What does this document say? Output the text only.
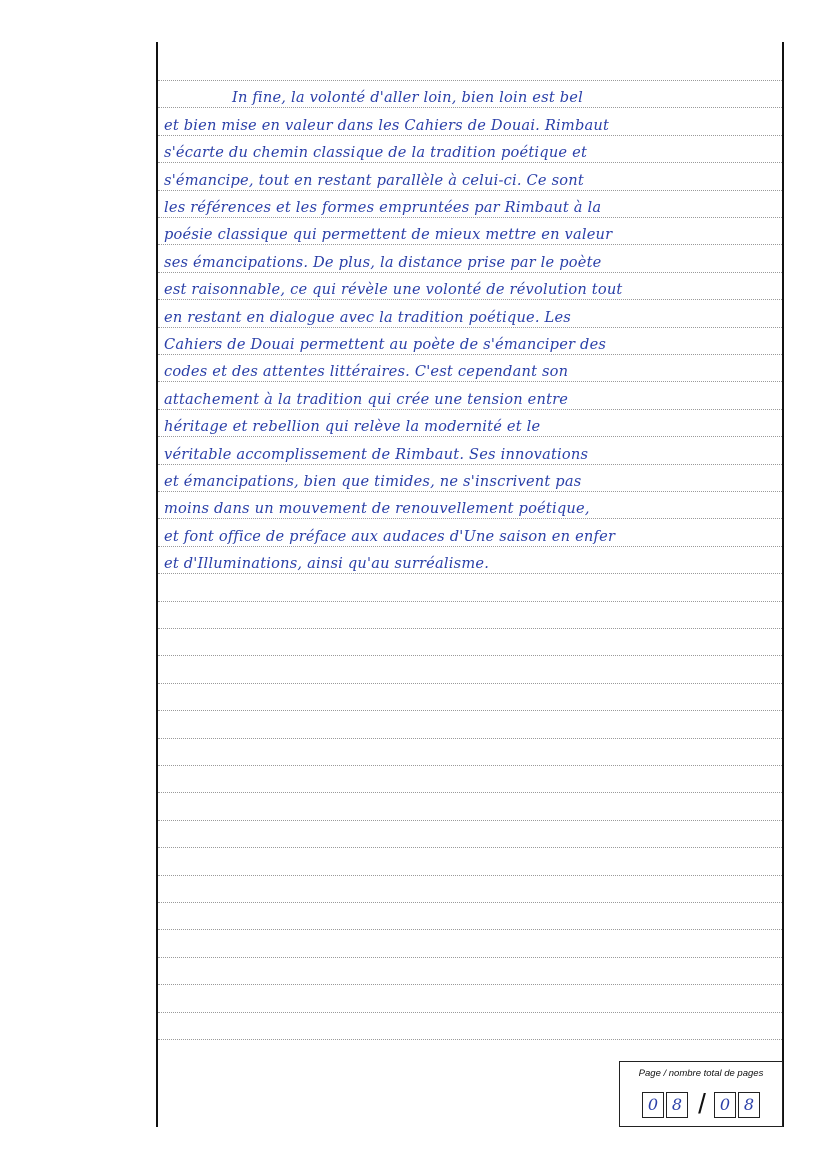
In fine, la volonté d'aller loin, bien loin est bel
et bien mise en valeur dans les Cahiers de Douai. Rimbaut
s'écarte du chemin classique de la tradition poétique et
s'émancipe, tout en restant parallèle à celui-ci. Ce sont
les références et les formes empruntées par Rimbaut à la
poésie classique qui permettent de mieux mettre en valeur
ses émancipations. De plus, la distance prise par le poète
est raisonnable, ce qui révèle une volonté de révolution tout
en restant en dialogue avec la tradition poétique. Les
Cahiers de Douai permettent au poète de s'émanciper des
codes et des attentes littéraires. C'est cependant son
attachement à la tradition qui crée une tension entre
héritage et rebellion qui relève la modernité et le
véritable accomplissement de Rimbaut. Ses innovations
et émancipations, bien que timides, ne s'inscrivent pas
moins dans un mouvement de renouvellement poétique,
et font office de préface aux audaces d'Une saison en enfer
et d'Illuminations, ainsi qu'au surréalisme.
Page / nombre total de pages
0 8 / 0 8
